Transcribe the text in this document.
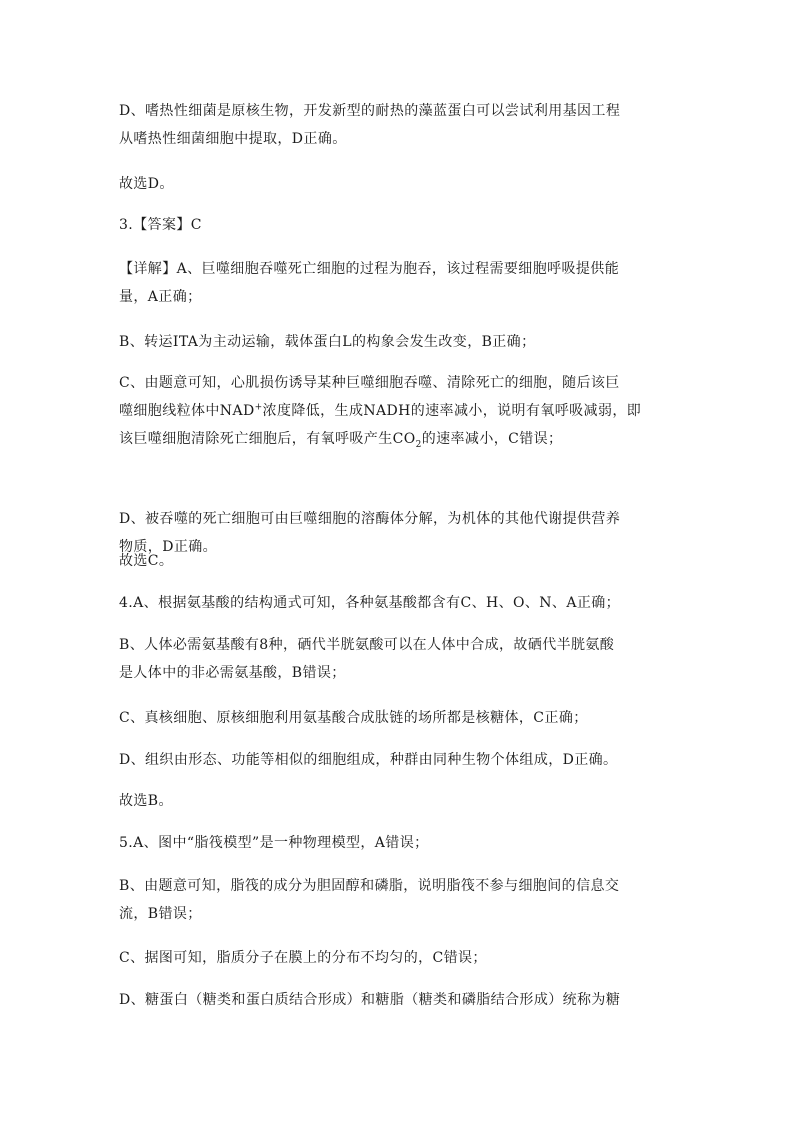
D、嗜热性细菌是原核生物，开发新型的耐热的藻蓝蛋白可以尝试利用基因工程
从嗜热性细菌细胞中提取，D正确。

故选D。

3.【答案】C

【详解】A、巨噬细胞吞噬死亡细胞的过程为胞吞，该过程需要细胞呼吸提供能
量，A正确；

B、转运ITA为主动运输，载体蛋白L的构象会发生改变，B正确；

C、由题意可知，心肌损伤诱导某种巨噬细胞吞噬、清除死亡的细胞，随后该巨
噬细胞线粒体中NAD+浓度降低，生成NADH的速率减小，说明有氧呼吸减弱，即
该巨噬细胞清除死亡细胞后，有氧呼吸产生$CO_2$的速率减小，C错误；

D、被吞噬的死亡细胞可由巨噬细胞的溶酶体分解，为机体的其他代谢提供营养
物质，D正确。

故选C。

4.A、根据氨基酸的结构通式可知，各种氨基酸都含有C、H、O、N、A正确；

B、人体必需氨基酸有8种，硒代半胱氨酸可以在人体中合成，故硒代半胱氨酸
是人体中的非必需氨基酸，B错误；

C、真核细胞、原核细胞利用氨基酸合成肽链的场所都是核糖体，C正确；

D、组织由形态、功能等相似的细胞组成，种群由同种生物个体组成，D正确。

故选B。

5.A、图中“脂筏模型”是一种物理模型，A错误；

B、由题意可知，脂筏的成分为胆固醇和磷脂，说明脂筏不参与细胞间的信息交
流，B错误；

C、据图可知，脂质分子在膜上的分布不均匀的，C错误；

D、糖蛋白（糖类和蛋白质结合形成）和糖脂（糖类和磷脂结合形成）统称为糖
